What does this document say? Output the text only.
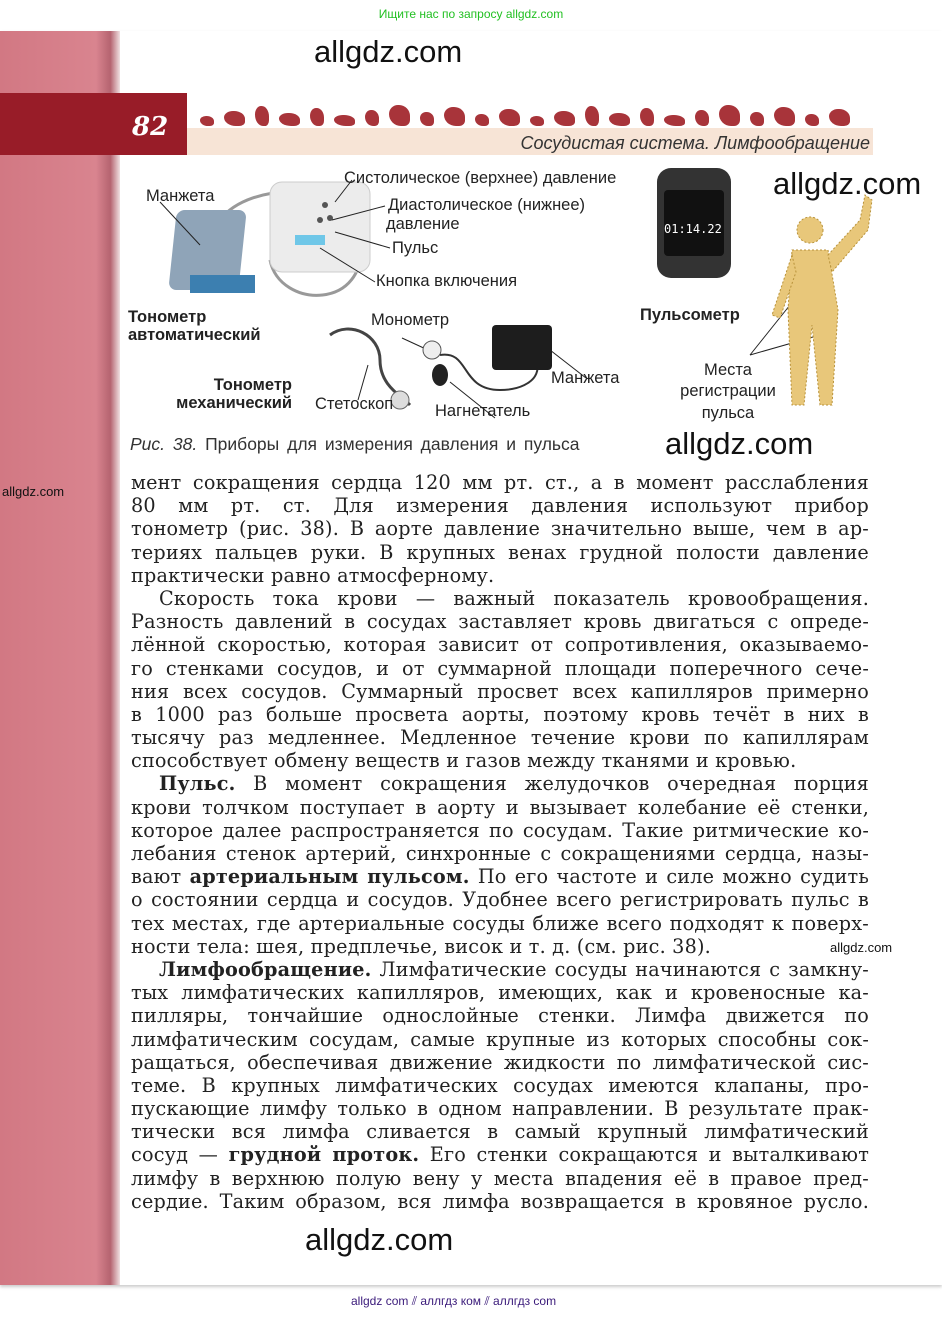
Ищите нас по запросу allgdz.com
82
Сосудистая система. Лимфообращение
allgdz.com
allgdz.com
allgdz.com
allgdz.com
allgdz.com
allgdz.com
01:14.22
Манжета
Систолическое (верхнее) давление
Диастолическое (нижнее)
давление
Пульс
Кнопка включения
Тонометр
автоматический
Монометр
Тонометр
механический Стетоскоп	Нагнетатель
Манжета
Пульсометр
Места
регистрации
пульса
Рис. 38. Приборы для измерения давления и пульса
мент сокращения сердца 120 мм рт. ст., а в момент расслабления
80 мм рт. ст. Для измерения давления используют прибор
тонометр (рис. 38). В аорте давление значительно выше, чем в ар-
териях пальцев руки. В крупных венах грудной полости давление
практически равно атмосферному.
Скорость тока крови — важный показатель кровообращения.
Разность давлений в сосудах заставляет кровь двигаться с опреде-
лённой скоростью, которая зависит от сопротивления, оказываемо-
го стенками сосудов, и от суммарной площади поперечного сече-
ния всех сосудов. Суммарный просвет всех капилляров примерно
в 1000 раз больше просвета аорты, поэтому кровь течёт в них в
тысячу раз медленнее. Медленное течение крови по капиллярам
способствует обмену веществ и газов между тканями и кровью.
Пульс. В момент сокращения желудочков очередная порция
крови толчком поступает в аорту и вызывает колебание её стенки,
которое далее распространяется по сосудам. Такие ритмические ко-
лебания стенок артерий, синхронные с сокращениями сердца, назы-
вают артериальным пульсом. По его частоте и силе можно судить
о состоянии сердца и сосудов. Удобнее всего регистрировать пульс в
тех местах, где артериальные сосуды ближе всего подходят к поверх-
ности тела: шея, предплечье, висок и т. д. (см. рис. 38).
Лимфообращение. Лимфатические сосуды начинаются с замкну-
тых лимфатических капилляров, имеющих, как и кровеносные ка-
пилляры, тончайшие однослойные стенки. Лимфа движется по
лимфатическим сосудам, самые крупные из которых способны сок-
ращаться, обеспечивая движение жидкости по лимфатической сис-
теме. В крупных лимфатических сосудах имеются клапаны, про-
пускающие лимфу только в одном направлении. В результате прак-
тически вся лимфа сливается в самый крупный лимфатический
сосуд — грудной проток. Его стенки сокращаются и выталкивают
лимфу в верхнюю полую вену у места впадения её в правое пред-
сердие. Таким образом, вся лимфа возвращается в кровяное русло.
allgdz com ⫽ аллгдз ком ⫽ аллгдз com
